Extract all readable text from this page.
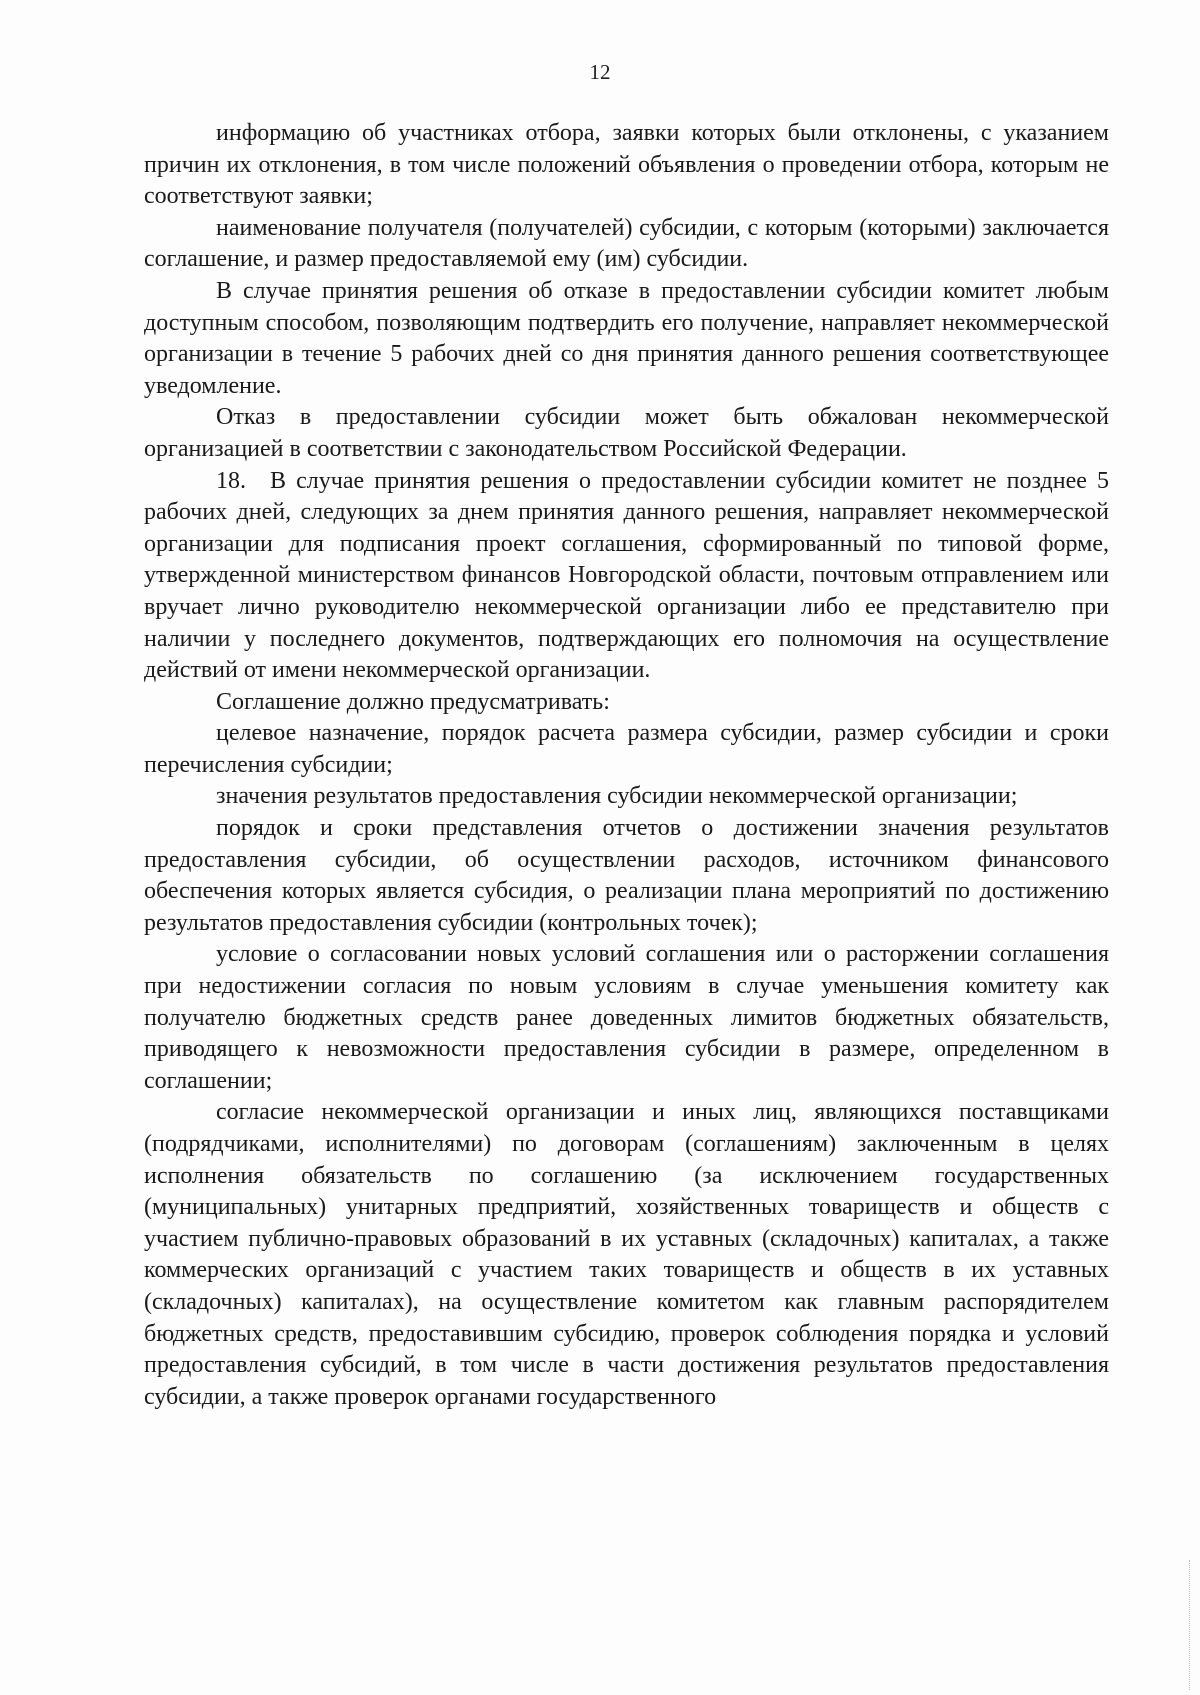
12

информацию об участниках отбора, заявки которых были отклонены, с указанием причин их отклонения, в том числе положений объявления о проведении отбора, которым не соответствуют заявки;

наименование получателя (получателей) субсидии, с которым (которыми) заключается соглашение, и размер предоставляемой ему (им) субсидии.

В случае принятия решения об отказе в предоставлении субсидии комитет любым доступным способом, позволяющим подтвердить его получение, направляет некоммерческой организации в течение 5 рабочих дней со дня принятия данного решения соответствующее уведомление.

Отказ в предоставлении субсидии может быть обжалован некоммерческой организацией в соответствии с законодательством Российской Федерации.

18. В случае принятия решения о предоставлении субсидии комитет не позднее 5 рабочих дней, следующих за днем принятия данного решения, направляет некоммерческой организации для подписания проект соглашения, сформированный по типовой форме, утвержденной министерством финансов Новгородской области, почтовым отправлением или вручает лично руководителю некоммерческой организации либо ее представителю при наличии у последнего документов, подтверждающих его полномочия на осуществление действий от имени некоммерческой организации.

Соглашение должно предусматривать:

целевое назначение, порядок расчета размера субсидии, размер субсидии и сроки перечисления субсидии;

значения результатов предоставления субсидии некоммерческой организации;

порядок и сроки представления отчетов о достижении значения результатов предоставления субсидии, об осуществлении расходов, источником финансового обеспечения которых является субсидия, о реализации плана мероприятий по достижению результатов предоставления субсидии (контрольных точек);

условие о согласовании новых условий соглашения или о расторжении соглашения при недостижении согласия по новым условиям в случае уменьшения комитету как получателю бюджетных средств ранее доведенных лимитов бюджетных обязательств, приводящего к невозможности предоставления субсидии в размере, определенном в соглашении;

согласие некоммерческой организации и иных лиц, являющихся поставщиками (подрядчиками, исполнителями) по договорам (соглашениям) заключенным в целях исполнения обязательств по соглашению (за исключением государственных (муниципальных) унитарных предприятий, хозяйственных товариществ и обществ с участием публично-правовых образований в их уставных (складочных) капиталах, а также коммерческих организаций с участием таких товариществ и обществ в их уставных (складочных) капиталах), на осуществление комитетом как главным распорядителем бюджетных средств, предоставившим субсидию, проверок соблюдения порядка и условий предоставления субсидий, в том числе в части достижения результатов предоставления субсидии, а также проверок органами государственного
